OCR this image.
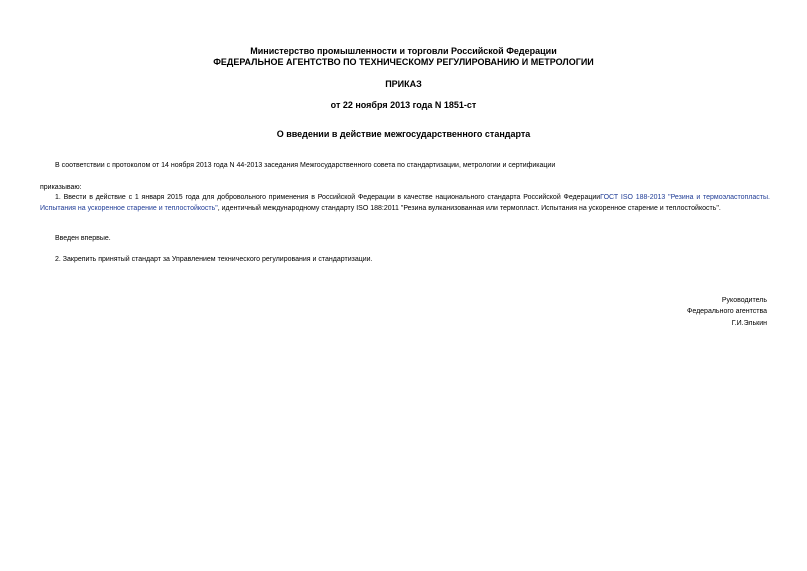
Министерство промышленности и торговли Российской Федерации
ФЕДЕРАЛЬНОЕ АГЕНТСТВО ПО ТЕХНИЧЕСКОМУ РЕГУЛИРОВАНИЮ И МЕТРОЛОГИИ
ПРИКАЗ
от 22 ноября 2013 года N 1851-ст
О введении в действие межгосударственного стандарта
В соответствии с протоколом от 14 ноября 2013 года N 44-2013 заседания Межгосударственного совета по стандартизации, метрологии и сертификации
приказываю:
1. Ввести в действие с 1 января 2015 года для добровольного применения в Российской Федерации в качестве национального стандарта Российской ФедерацииГОСТ ISO 188-2013 "Резина и термоэластопласты. Испытания на ускоренное старение и теплостойкость", идентичный международному стандарту ISO 188:2011 "Резина вулканизованная или термопласт. Испытания на ускоренное старение и теплостойкость".
Введен впервые.
2. Закрепить принятый стандарт за Управлением технического регулирования и стандартизации.
Руководитель
Федерального агентства
Г.И.Элькин
